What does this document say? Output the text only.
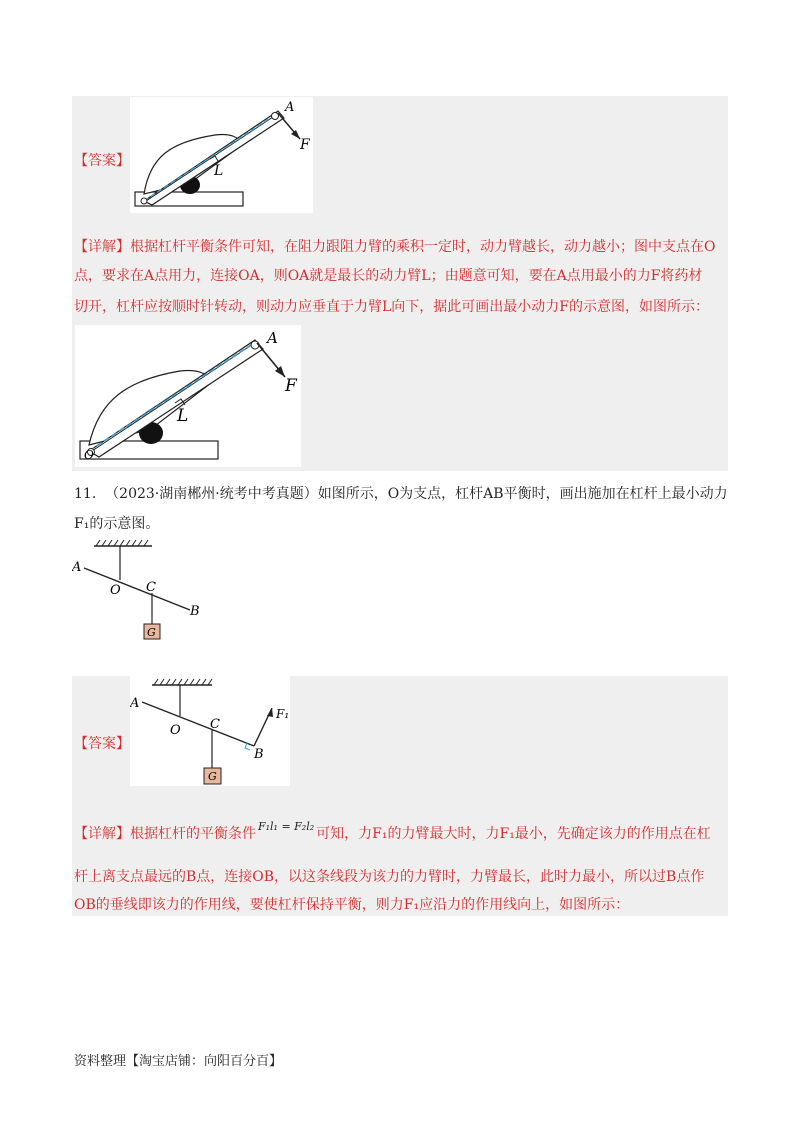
【答案】
A
F
L
【详解】根据杠杆平衡条件可知，在阻力跟阻力臂的乘积一定时，动力臂越长，动力越小；图中支点在O
点，要求在A点用力，连接OA，则OA就是最长的动力臂L；由题意可知，要在A点用最小的力F将药材
切开，杠杆应按顺时针转动，则动力应垂直于力臂L向下，据此可画出最小动力F的示意图，如图所示：
O
A
F
L
11. （2023·湖南郴州·统考中考真题）如图所示，O为支点，杠杆AB平衡时，画出施加在杠杆上最小动力
F₁的示意图。
A
O C
B
G
【答案】
A
O C
B
G
F₁
【详解】根据杠杆的平衡条件 $^{F_1l_1 = F_2l_2}$ 可知，力F₁的力臂最大时，力F₁最小，先确定该力的作用点在杠
杆上离支点最远的B点，连接OB，以这条线段为该力的力臂时，力臂最长，此时力最小，所以过B点作
OB的垂线即该力的作用线，要使杠杆保持平衡，则力F₁应沿力的作用线向上，如图所示：
资料整理【淘宝店铺：向阳百分百】
